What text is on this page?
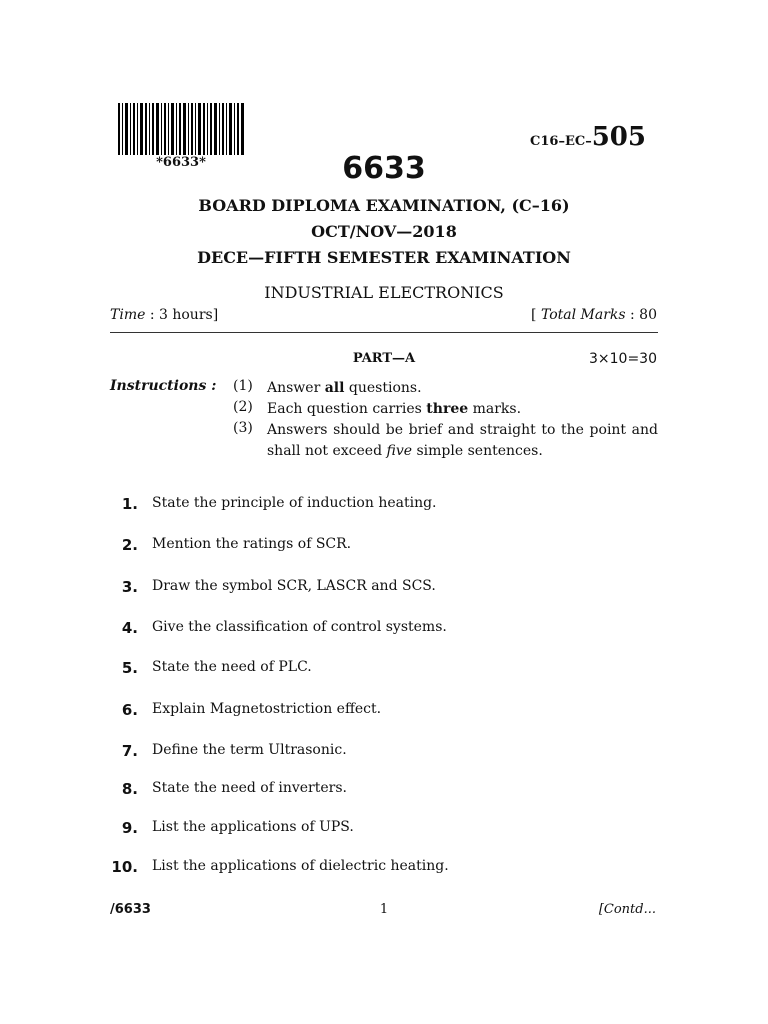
*6633*
C16–EC–505
6633
BOARD DIPLOMA EXAMINATION, (C–16)
OCT/NOV—2018
DECE—FIFTH SEMESTER EXAMINATION
INDUSTRIAL ELECTRONICS
Time : 3 hours]	[ Total Marks : 80
PART—A	3×10=30
Instructions : (1) Answer all questions.
(2) Each question carries three marks.
(3) Answers should be brief and straight to the point and shall not exceed five simple sentences.
1. State the principle of induction heating.
2. Mention the ratings of SCR.
3. Draw the symbol SCR, LASCR and SCS.
4. Give the classification of control systems.
5. State the need of PLC.
6. Explain Magnetostriction effect.
7. Define the term Ultrasonic.
8. State the need of inverters.
9. List the applications of UPS.
10. List the applications of dielectric heating.
/6633	1	[Contd...
